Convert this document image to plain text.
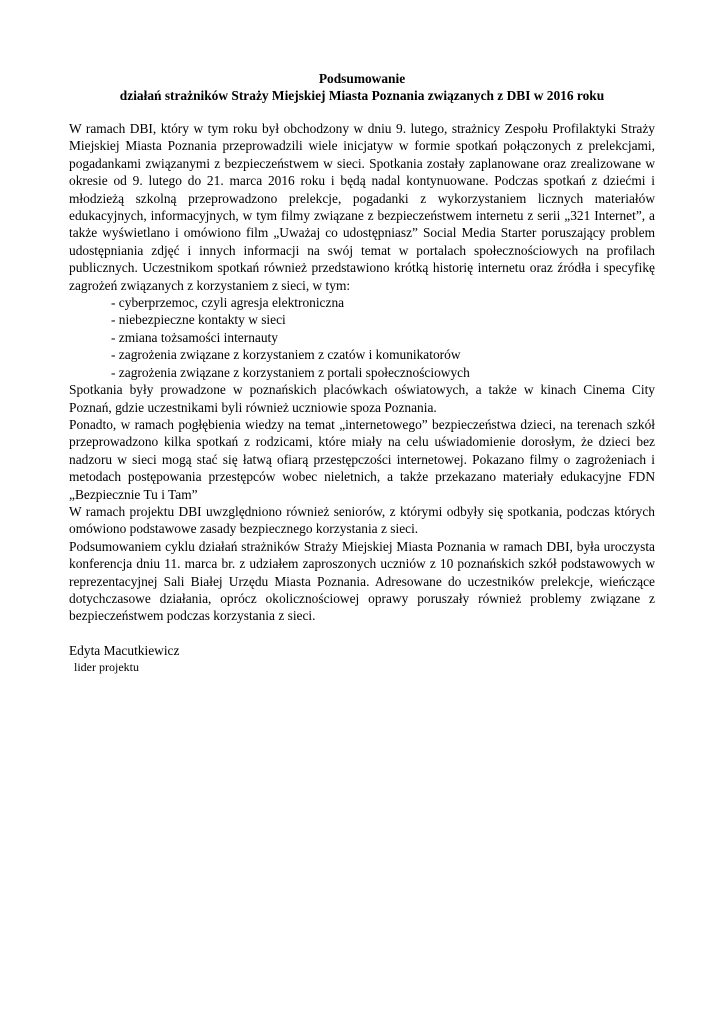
Podsumowanie
działań strażników Straży Miejskiej Miasta Poznania związanych z DBI w 2016 roku

W ramach DBI, który w tym roku był obchodzony w dniu 9. lutego, strażnicy Zespołu Profilaktyki Straży Miejskiej Miasta Poznania przeprowadzili wiele inicjatyw w formie spotkań połączonych z prelekcjami, pogadankami związanymi z bezpieczeństwem w sieci. Spotkania zostały zaplanowane oraz zrealizowane w okresie od 9. lutego do 21. marca 2016 roku i będą nadal kontynuowane. Podczas spotkań z dziećmi i młodzieżą szkolną przeprowadzono prelekcje, pogadanki z wykorzystaniem licznych materiałów edukacyjnych, informacyjnych, w tym filmy związane z bezpieczeństwem internetu z serii „321 Internet”, a także wyświetlano i omówiono film „Uważaj co udostępniasz” Social Media Starter poruszający problem udostępniania zdjęć i innych informacji na swój temat w portalach społecznościowych na profilach publicznych. Uczestnikom spotkań również przedstawiono krótką historię internetu oraz źródła i specyfikę zagrożeń związanych z korzystaniem z sieci, w tym:

- cyberprzemoc, czyli agresja elektroniczna
- niebezpieczne kontakty w sieci
- zmiana tożsamości internauty
- zagrożenia związane z korzystaniem z czatów i komunikatorów
- zagrożenia związane z korzystaniem z portali społecznościowych

Spotkania były prowadzone w poznańskich placówkach oświatowych, a także w kinach Cinema City Poznań, gdzie uczestnikami byli również uczniowie spoza Poznania.

Ponadto, w ramach pogłębienia wiedzy na temat „internetowego” bezpieczeństwa dzieci, na terenach szkół przeprowadzono kilka spotkań z rodzicami, które miały na celu uświadomienie dorosłym, że dzieci bez nadzoru w sieci mogą stać się łatwą ofiarą przestępczości internetowej. Pokazano filmy o zagrożeniach i metodach postępowania przestępców wobec nieletnich, a także przekazano materiały edukacyjne FDN „Bezpiecznie Tu i Tam”

W ramach projektu DBI uwzględniono również seniorów, z którymi odbyły się spotkania, podczas których omówiono podstawowe zasady bezpiecznego korzystania z sieci.

Podsumowaniem cyklu działań strażników Straży Miejskiej Miasta Poznania w ramach DBI, była uroczysta konferencja dniu 11. marca br. z udziałem zaproszonych uczniów z 10 poznańskich szkół podstawowych w reprezentacyjnej Sali Białej Urzędu Miasta Poznania. Adresowane do uczestników prelekcje, wieńczące dotychczasowe działania, oprócz okolicznościowej oprawy poruszały również problemy związane z bezpieczeństwem podczas korzystania z sieci.

Edyta Macutkiewicz
lider projektu
